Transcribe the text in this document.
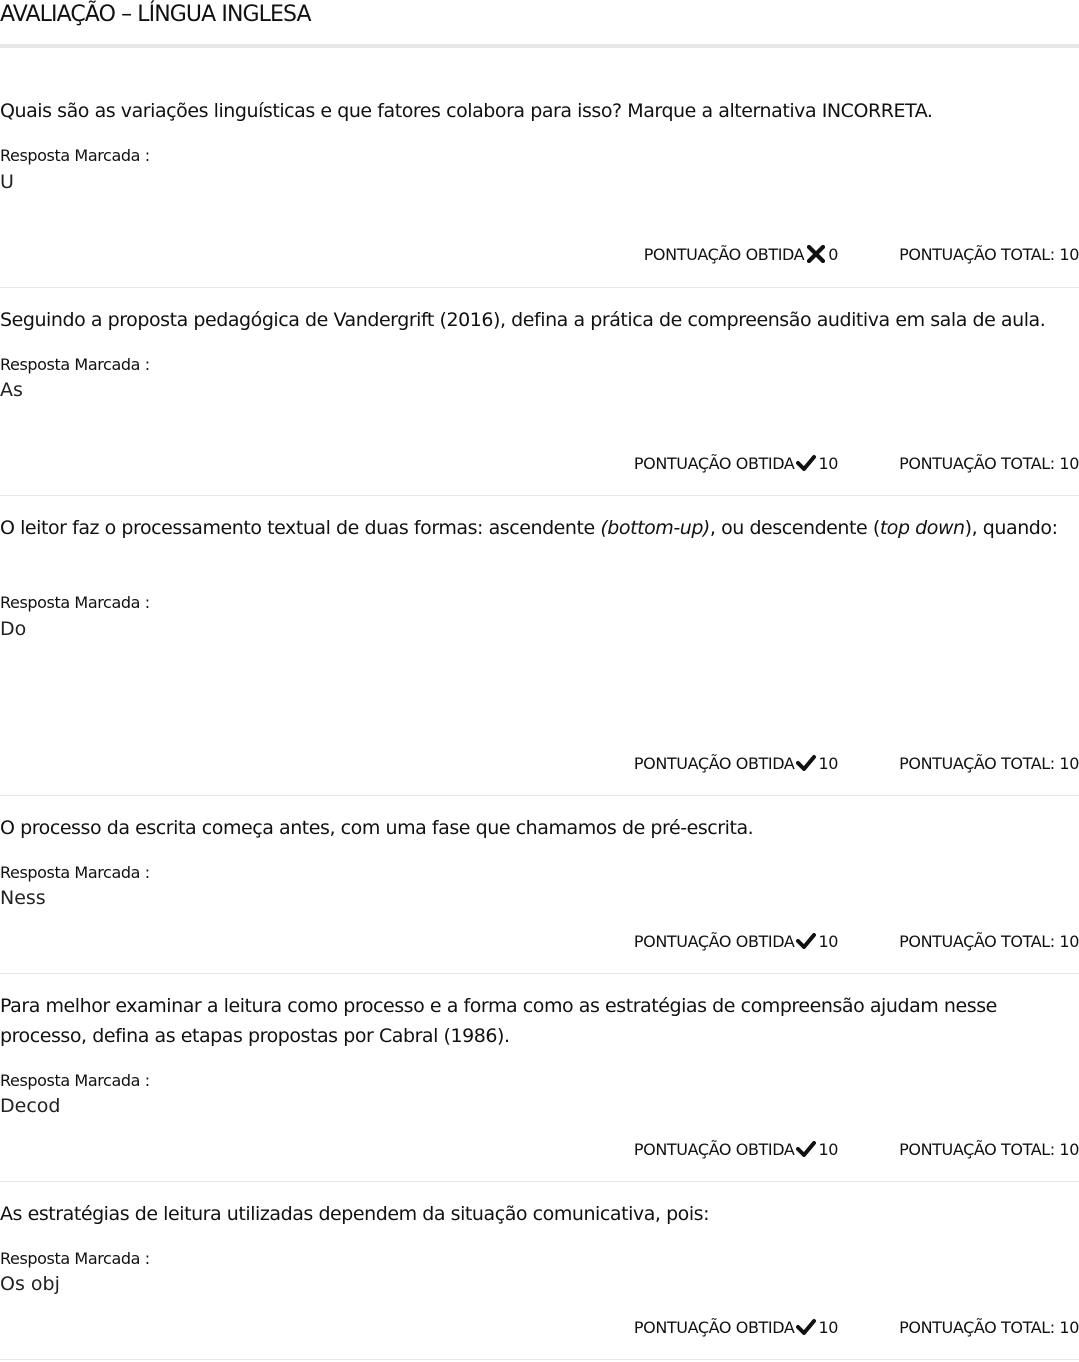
AVALIAÇÃO – LÍNGUA INGLESA
Quais são as variações linguísticas e que fatores colabora para isso? Marque a alternativa INCORRETA.
Resposta Marcada :
U
PONTUAÇÃO OBTIDA 0	PONTUAÇÃO TOTAL: 10
Seguindo a proposta pedagógica de Vandergrift (2016), defina a prática de compreensão auditiva em sala de aula.
Resposta Marcada :
As
PONTUAÇÃO OBTIDA 10	PONTUAÇÃO TOTAL: 10
O leitor faz o processamento textual de duas formas: ascendente (bottom-up), ou descendente (top down), quando:
Resposta Marcada :
Do
PONTUAÇÃO OBTIDA 10	PONTUAÇÃO TOTAL: 10
O processo da escrita começa antes, com uma fase que chamamos de pré-escrita.
Resposta Marcada :
Ness
PONTUAÇÃO OBTIDA 10	PONTUAÇÃO TOTAL: 10
Para melhor examinar a leitura como processo e a forma como as estratégias de compreensão ajudam nesse processo, defina as etapas propostas por Cabral (1986).
Resposta Marcada :
Decod
PONTUAÇÃO OBTIDA 10	PONTUAÇÃO TOTAL: 10
As estratégias de leitura utilizadas dependem da situação comunicativa, pois:
Resposta Marcada :
Os obj
PONTUAÇÃO OBTIDA 10	PONTUAÇÃO TOTAL: 10
